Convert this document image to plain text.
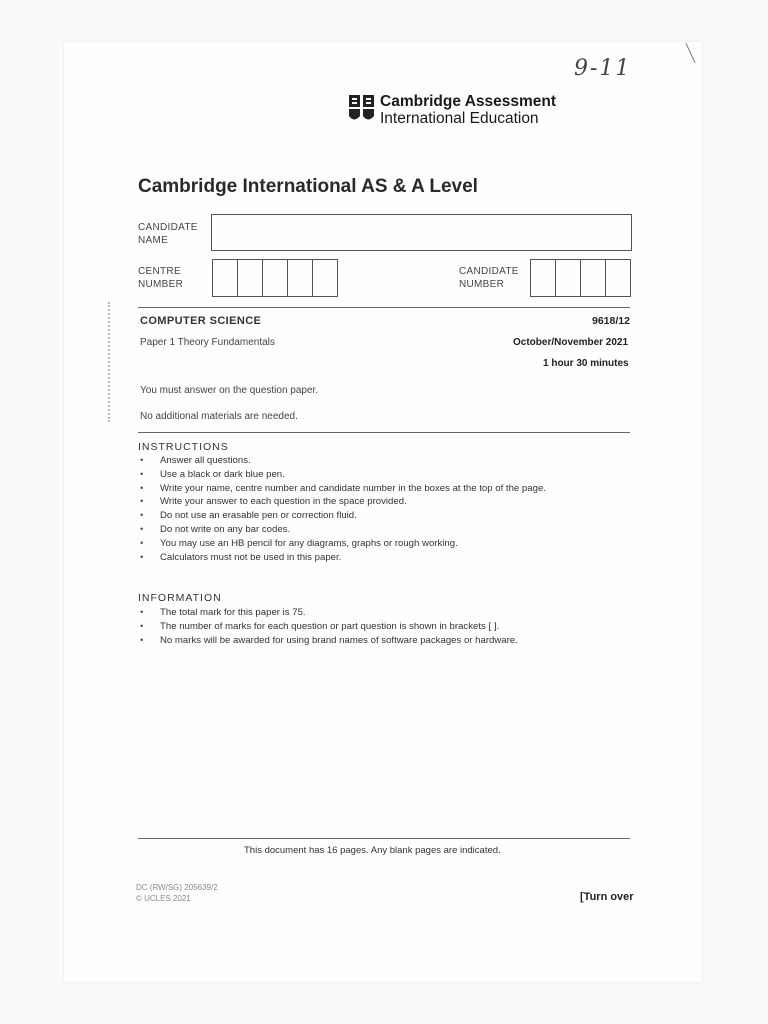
9-11
Cambridge Assessment
International Education
Cambridge International AS & A Level
CANDIDATE
NAME
CENTRE
NUMBER
CANDIDATE
NUMBER
COMPUTER SCIENCE	9618/12
Paper 1 Theory Fundamentals	October/November 2021
1 hour 30 minutes
You must answer on the question paper.
No additional materials are needed.
INSTRUCTIONS
• Answer all questions.
• Use a black or dark blue pen.
• Write your name, centre number and candidate number in the boxes at the top of the page.
• Write your answer to each question in the space provided.
• Do not use an erasable pen or correction fluid.
• Do not write on any bar codes.
• You may use an HB pencil for any diagrams, graphs or rough working.
• Calculators must not be used in this paper.
INFORMATION
• The total mark for this paper is 75.
• The number of marks for each question or part question is shown in brackets [ ].
• No marks will be awarded for using brand names of software packages or hardware.
This document has 16 pages. Any blank pages are indicated.
DC (RW/SG) 205639/2
© UCLES 2021	[Turn over
